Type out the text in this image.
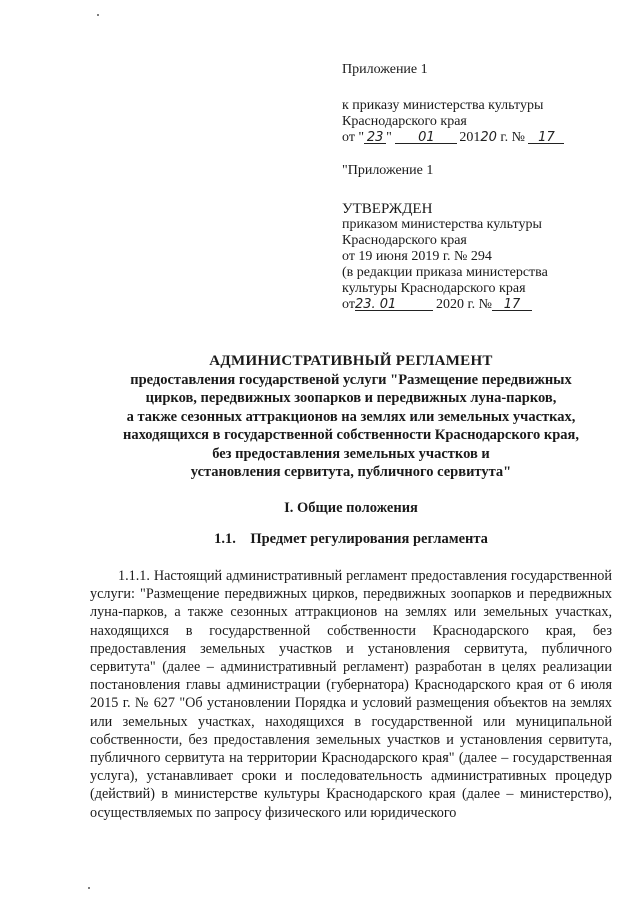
Приложение 1
к приказу министерства культуры
Краснодарского края
от " 23 " 01 20120 г. № 17
"Приложение 1
УТВЕРЖДЕН
приказом министерства культуры
Краснодарского края
от 19 июня 2019 г. № 294
(в редакции приказа министерства
культуры Краснодарского края
от23. 01	2020 г. № 17
АДМИНИСТРАТИВНЫЙ РЕГЛАМЕНТ
предоставления государственой услуги "Размещение передвижных
цирков, передвижных зоопарков и передвижных луна-парков,
а также сезонных аттракционов на землях или земельных участках,
находящихся в государственной собственности Краснодарского края,
без предоставления земельных участков и
установления сервитута, публичного сервитута"
I. Общие положения
1.1.    Предмет регулирования регламента
1.1.1. Настоящий административный регламент предоставления государственной услуги: "Размещение передвижных цирков, передвижных зоопарков и передвижных луна-парков, а также сезонных аттракционов на землях или земельных участках, находящихся в государственной собственности Краснодарского края, без предоставления земельных участков и установления сервитута, публичного сервитута" (далее – административный регламент) разработан в целях реализации постановления главы администрации (губернатора) Краснодарского края от 6 июля 2015 г. № 627 "Об установлении Порядка и условий размещения объектов на землях или земельных участках, находящихся в государственной или муниципальной собственности, без предоставления земельных участков и установления сервитута, публичного сервитута на территории Краснодарского края" (далее – государственная услуга), устанавливает сроки и последовательность административных процедур (действий) в министерстве культуры Краснодарского края (далее – министерство), осуществляемых по запросу физического или юридического
